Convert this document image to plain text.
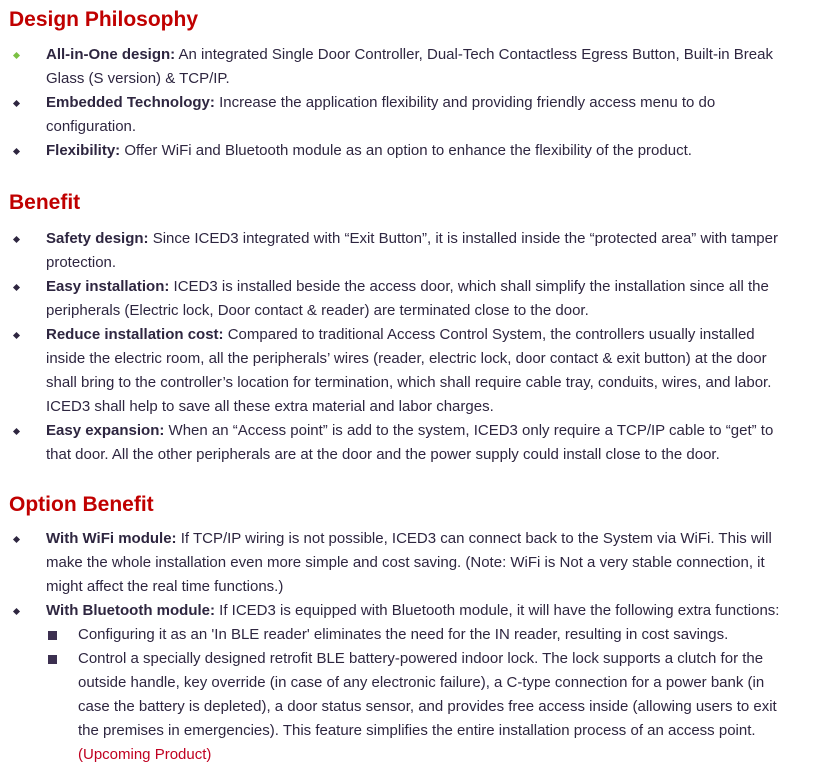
Design Philosophy
All-in-One design: An integrated Single Door Controller, Dual-Tech Contactless Egress Button, Built-in Break Glass (S version) & TCP/IP.
Embedded Technology: Increase the application flexibility and providing friendly access menu to do configuration.
Flexibility: Offer WiFi and Bluetooth module as an option to enhance the flexibility of the product.
Benefit
Safety design: Since ICED3 integrated with “Exit Button”, it is installed inside the “protected area” with tamper protection.
Easy installation: ICED3 is installed beside the access door, which shall simplify the installation since all the peripherals (Electric lock, Door contact & reader) are terminated close to the door.
Reduce installation cost: Compared to traditional Access Control System, the controllers usually installed inside the electric room, all the peripherals’ wires (reader, electric lock, door contact & exit button) at the door shall bring to the controller’s location for termination, which shall require cable tray, conduits, wires, and labor. ICED3 shall help to save all these extra material and labor charges.
Easy expansion: When an “Access point” is add to the system, ICED3 only require a TCP/IP cable to “get” to that door. All the other peripherals are at the door and the power supply could install close to the door.
Option Benefit
With WiFi module: If TCP/IP wiring is not possible, ICED3 can connect back to the System via WiFi. This will make the whole installation even more simple and cost saving. (Note: WiFi is Not a very stable connection, it might affect the real time functions.)
With Bluetooth module: If ICED3 is equipped with Bluetooth module, it will have the following extra functions:
Configuring it as an 'In BLE reader' eliminates the need for the IN reader, resulting in cost savings.
Control a specially designed retrofit BLE battery-powered indoor lock. The lock supports a clutch for the outside handle, key override (in case of any electronic failure), a C-type connection for a power bank (in case the battery is depleted), a door status sensor, and provides free access inside (allowing users to exit the premises in emergencies). This feature simplifies the entire installation process of an access point.
(Upcoming Product)
